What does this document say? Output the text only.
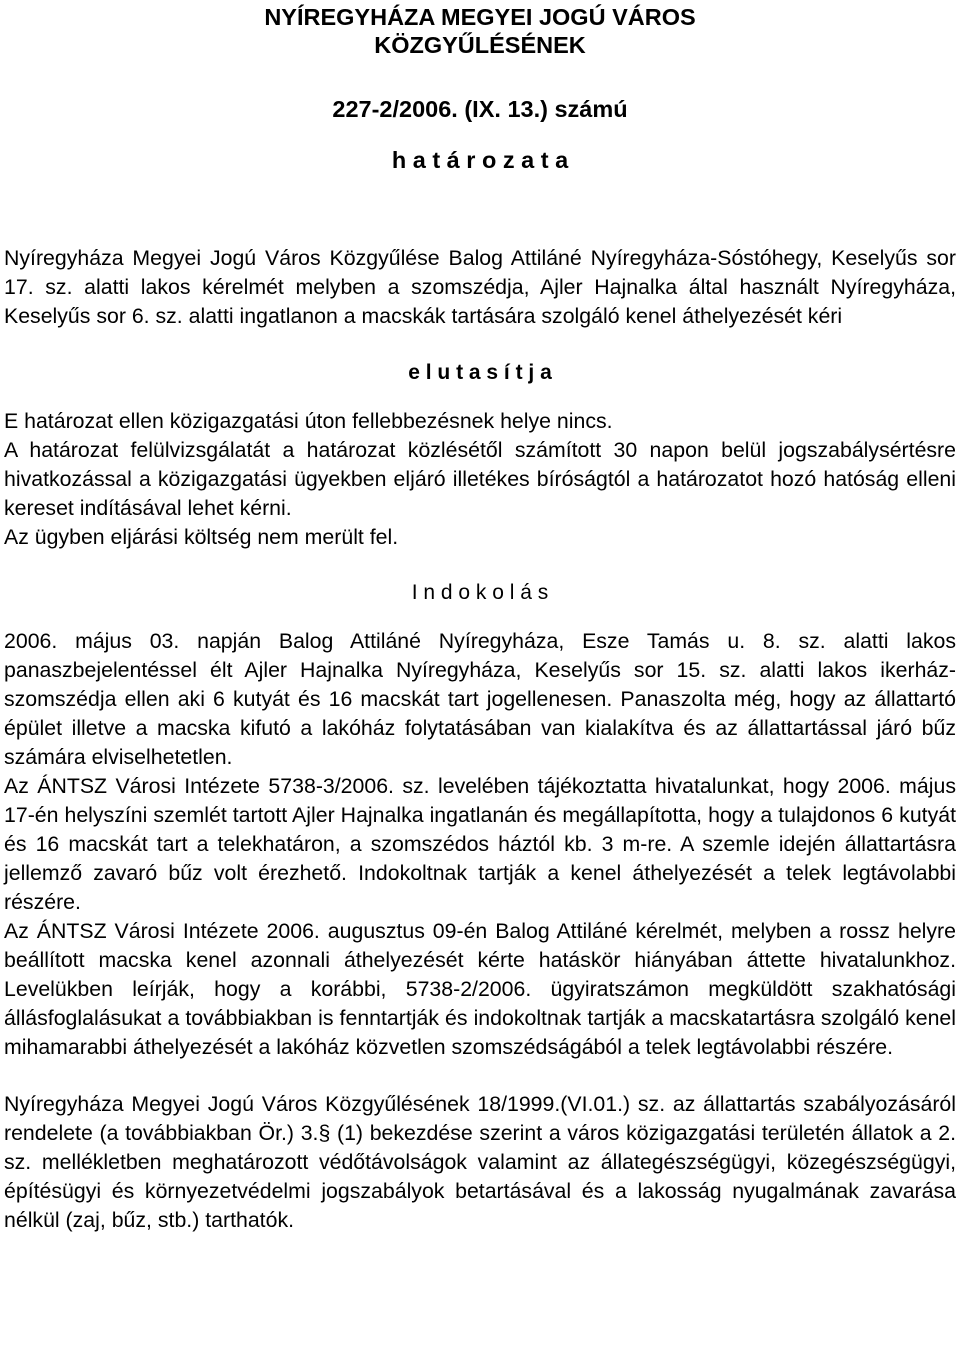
NYÍREGYHÁZA MEGYEI JOGÚ VÁROS

KÖZGYŰLÉSÉNEK

227-2/2006. (IX. 13.) számú

h a t á r o z a t a

Nyíregyháza Megyei Jogú Város Közgyűlése Balog Attiláné Nyíregyháza-Sóstóhegy, Keselyűs sor 17. sz. alatti lakos kérelmét melyben a szomszédja, Ajler Hajnalka által használt Nyíregyháza, Keselyűs sor 6. sz. alatti ingatlanon a macskák tartására szolgáló kenel áthelyezését kéri

e l u t a s í t j a

E határozat ellen közigazgatási úton fellebbezésnek helye nincs.

A határozat felülvizsgálatát a határozat közlésétől számított 30 napon belül jogszabálysértésre hivatkozással a közigazgatási ügyekben eljáró illetékes bíróságtól a határozatot hozó hatóság elleni kereset indításával lehet kérni.

Az ügyben eljárási költség nem merült fel.

I n d o k o l á s

2006. május 03. napján Balog Attiláné Nyíregyháza, Esze Tamás u. 8. sz. alatti lakos panaszbejelentéssel élt Ajler Hajnalka Nyíregyháza, Keselyűs sor 15. sz. alatti lakos ikerház-szomszédja ellen aki 6 kutyát és 16 macskát tart jogellenesen. Panaszolta még, hogy az állattartó épület illetve a macska kifutó a lakóház folytatásában van kialakítva és az állattartással járó bűz számára elviselhetetlen.

Az ÁNTSZ Városi Intézete 5738-3/2006. sz. levelében tájékoztatta hivatalunkat, hogy 2006. május 17-én helyszíni szemlét tartott Ajler Hajnalka ingatlanán és megállapította, hogy a tulajdonos 6 kutyát és 16 macskát tart a telekhatáron, a szomszédos háztól kb. 3 m-re. A szemle idején állattartásra jellemző zavaró bűz volt érezhető. Indokoltnak tartják a kenel áthelyezését a telek legtávolabbi részére.

Az ÁNTSZ Városi Intézete 2006. augusztus 09-én Balog Attiláné kérelmét, melyben a rossz helyre beállított macska kenel azonnali áthelyezését kérte hatáskör hiányában áttette hivatalunkhoz. Levelükben leírják, hogy a korábbi, 5738-2/2006. ügyiratszámon megküldött szakhatósági állásfoglalásukat a továbbiakban is fenntartják és indokoltnak tartják a macskatartásra szolgáló kenel mihamarabbi áthelyezését a lakóház közvetlen szomszédságából a telek legtávolabbi részére.

Nyíregyháza Megyei Jogú Város Közgyűlésének 18/1999.(VI.01.) sz. az állattartás szabályozásáról rendelete (a továbbiakban Ör.) 3.§ (1) bekezdése szerint a város közigazgatási területén állatok a 2. sz. mellékletben meghatározott védőtávolságok valamint az állategészségügyi, közegészségügyi, építésügyi és környezetvédelmi jogszabályok betartásával és a lakosság nyugalmának zavarása nélkül (zaj, bűz, stb.) tarthatók.
